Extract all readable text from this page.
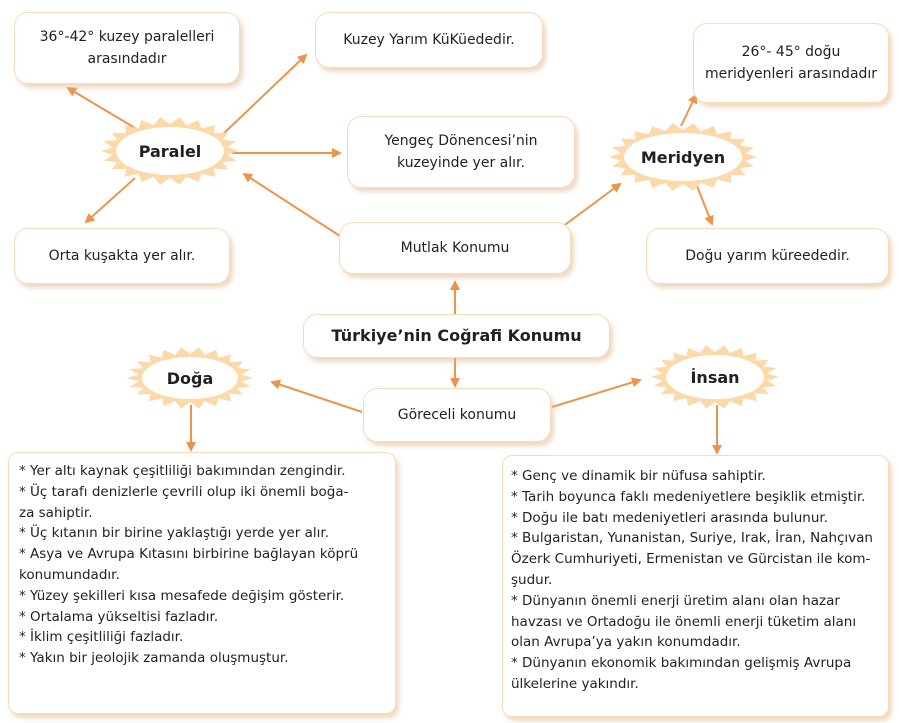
36°-42° kuzey paralelleri
arasındadır
Kuzey Yarım KüKüededir.
Yengeç Dönencesi’nin
kuzeyinde yer alır.
Orta kuşakta yer alır.
26°- 45° doğu
meridyenleri arasındadır
Doğu yarım küreededir.
Mutlak Konumu
Türkiye’nin Coğrafi Konumu
Göreceli konumu
Paralel	Meridyen
Doğa	İnsan
* Yer altı kaynak çeşitliliği bakımından zengindir.
* Üç tarafı denizlerle çevrili olup iki önemli boğa-
za sahiptir.
* Üç kıtanın bir birine yaklaştığı yerde yer alır.
* Asya ve Avrupa Kıtasını birbirine bağlayan köprü
konumundadır.
* Yüzey şekilleri kısa mesafede değişim gösterir.
* Ortalama yükseltisi fazladır.
* İklim çeşitliliği fazladır.
* Yakın bir jeolojik zamanda oluşmuştur.
* Genç ve dinamik bir nüfusa sahiptir.
* Tarih boyunca faklı medeniyetlere beşiklik etmiştir.
* Doğu ile batı medeniyetleri arasında bulunur.
* Bulgaristan, Yunanistan, Suriye, Irak, İran, Nahçıvan
Özerk Cumhuriyeti, Ermenistan ve Gürcistan ile kom-
şudur.
* Dünyanın önemli enerji üretim alanı olan hazar
havzası ve Ortadoğu ile önemli enerji tüketim alanı
olan Avrupa’ya yakın konumdadır.
* Dünyanın ekonomik bakımından gelişmiş Avrupa
ülkelerine yakındır.
